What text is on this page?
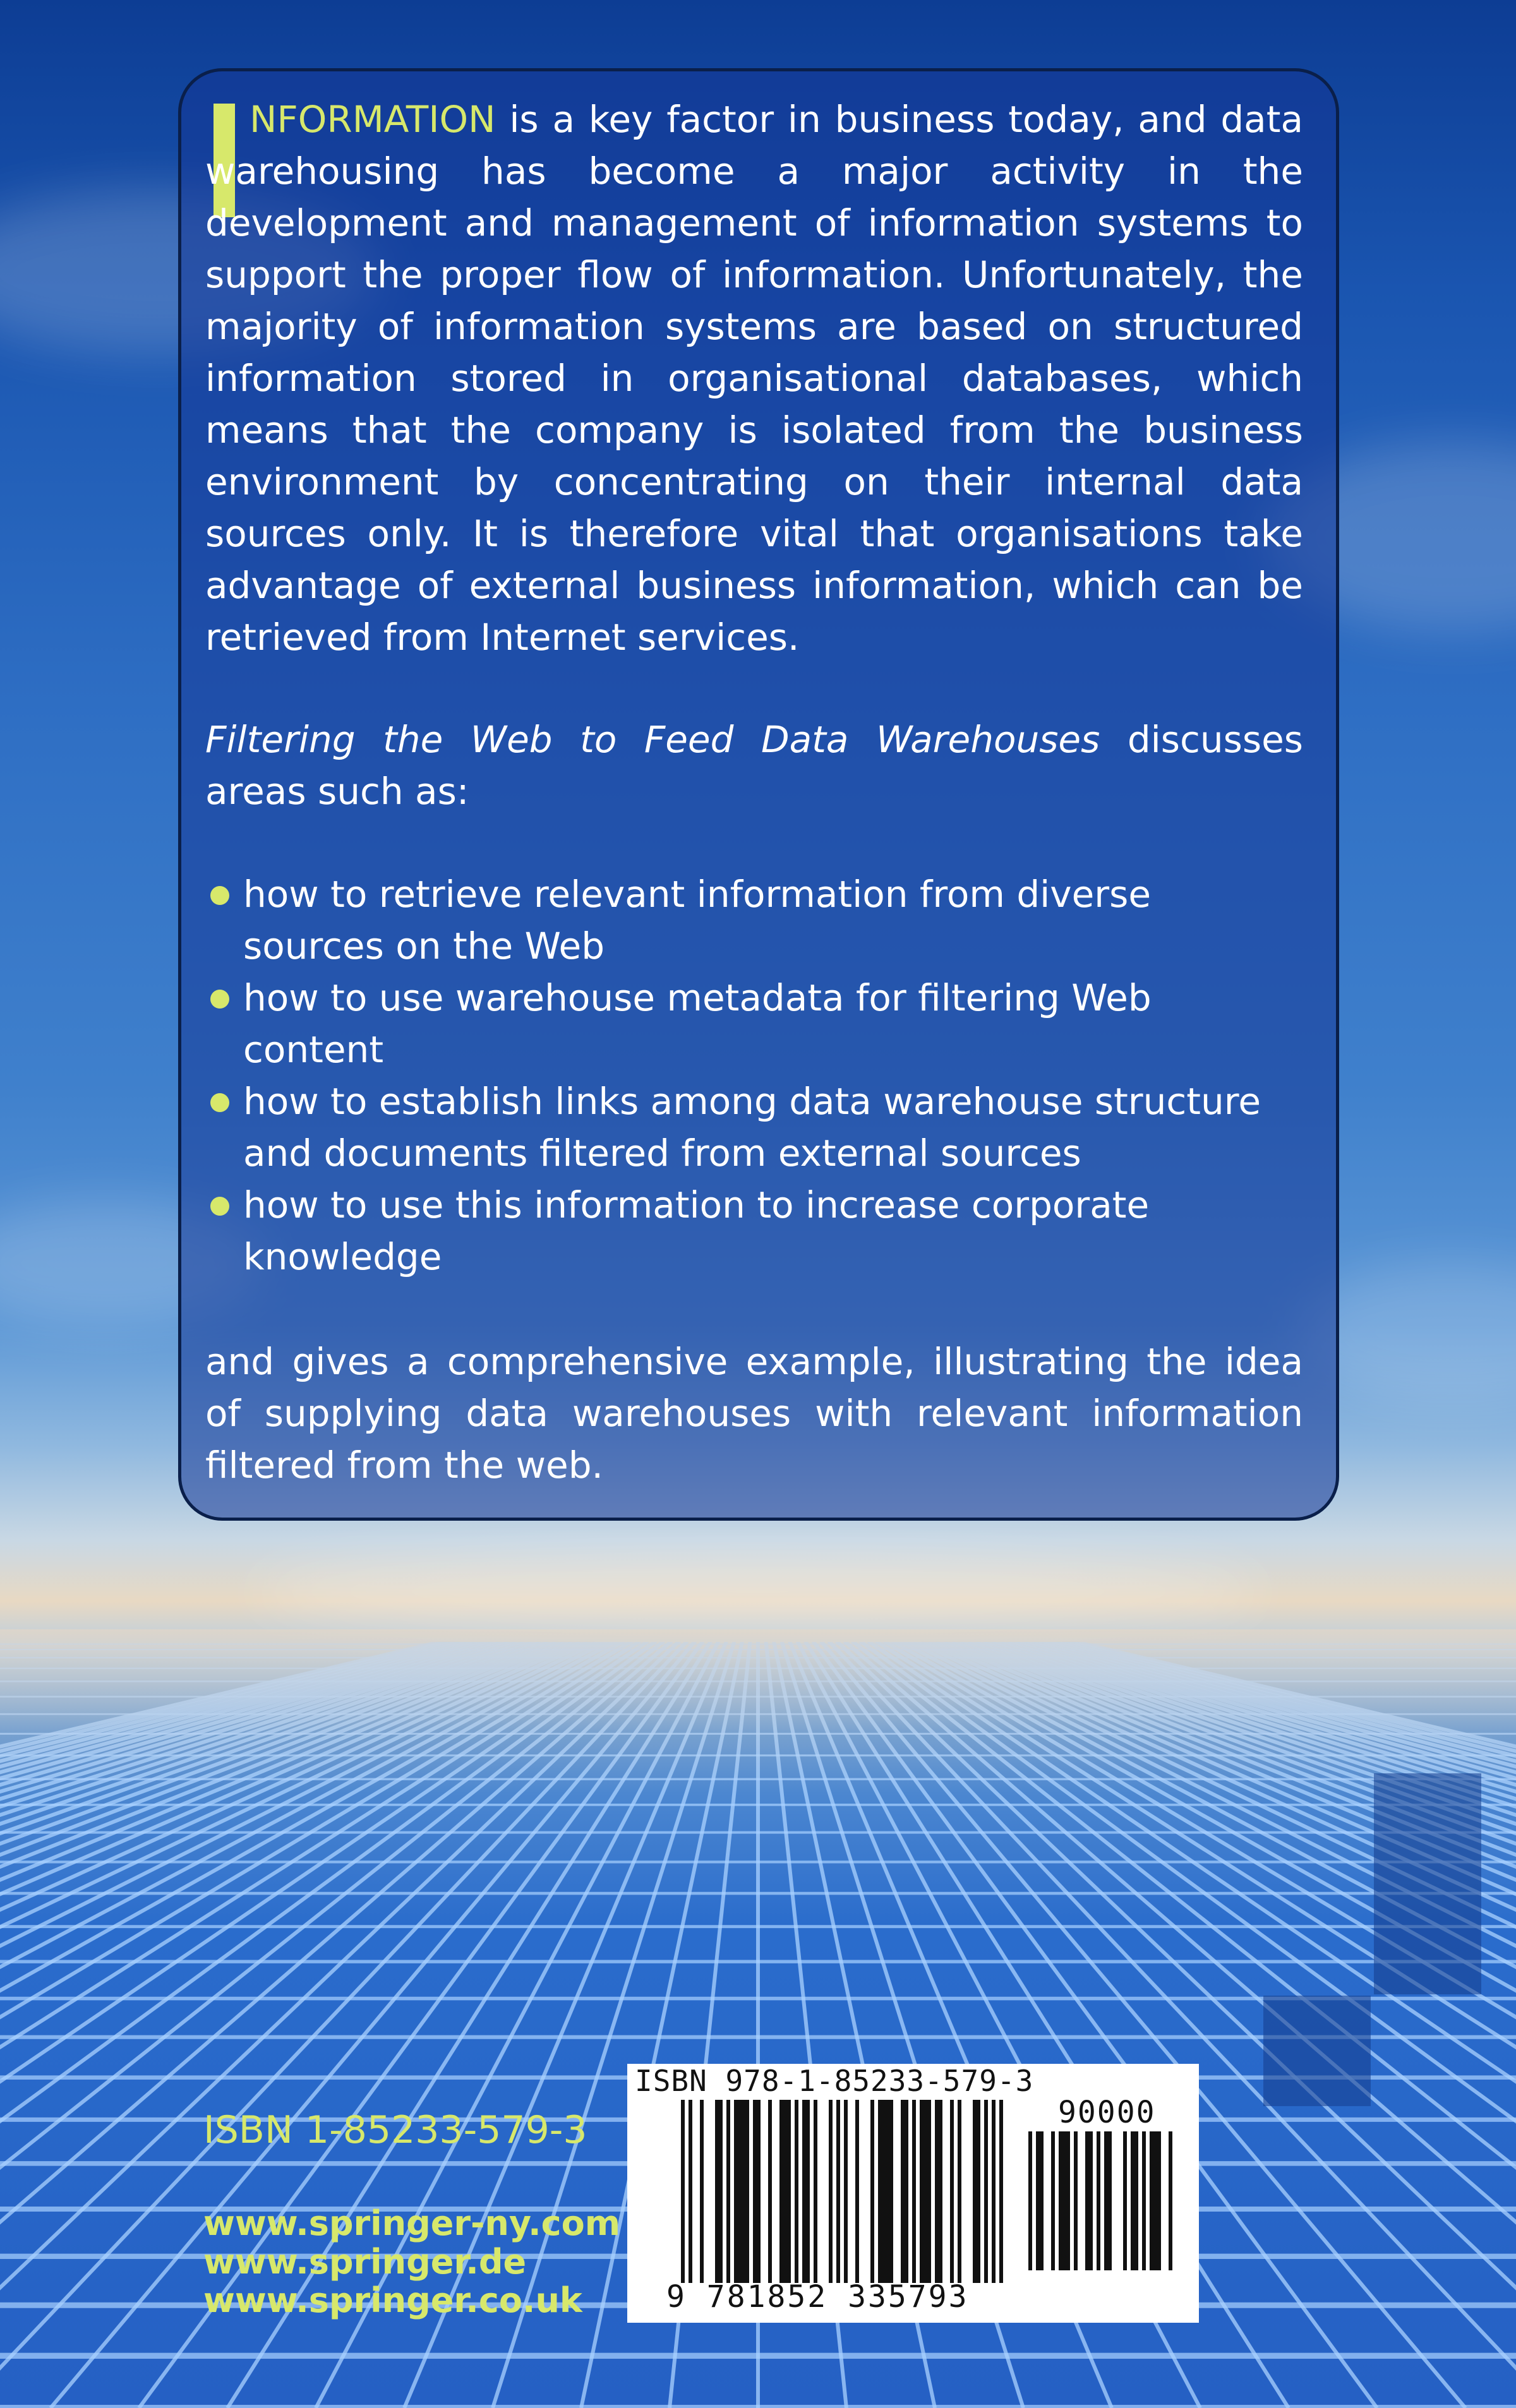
NFORMATION is a key factor in business today, and data warehousing has become a major activity in the development and management of information systems to support the proper flow of information. Unfortunately, the majority of information systems are based on structured information stored in organisational databases, which means that the company is isolated from the business environment by concentrating on their internal data sources only. It is therefore vital that organisations take advantage of external business information, which can be retrieved from Internet services.
Filtering the Web to Feed Data Warehouses discusses areas such as:
how to retrieve relevant information from diverse sources on the Web
how to use warehouse metadata for filtering Web content
how to establish links among data warehouse structure and documents filtered from external sources
how to use this information to increase corporate knowledge
and gives a comprehensive example, illustrating the idea of supplying data warehouses with relevant information filtered from the web.
ISBN 1-85233-579-3
www.springer-ny.com
www.springer.de
www.springer.co.uk
ISBN 978-1-85233-579-3
90000
9 781852 335793
